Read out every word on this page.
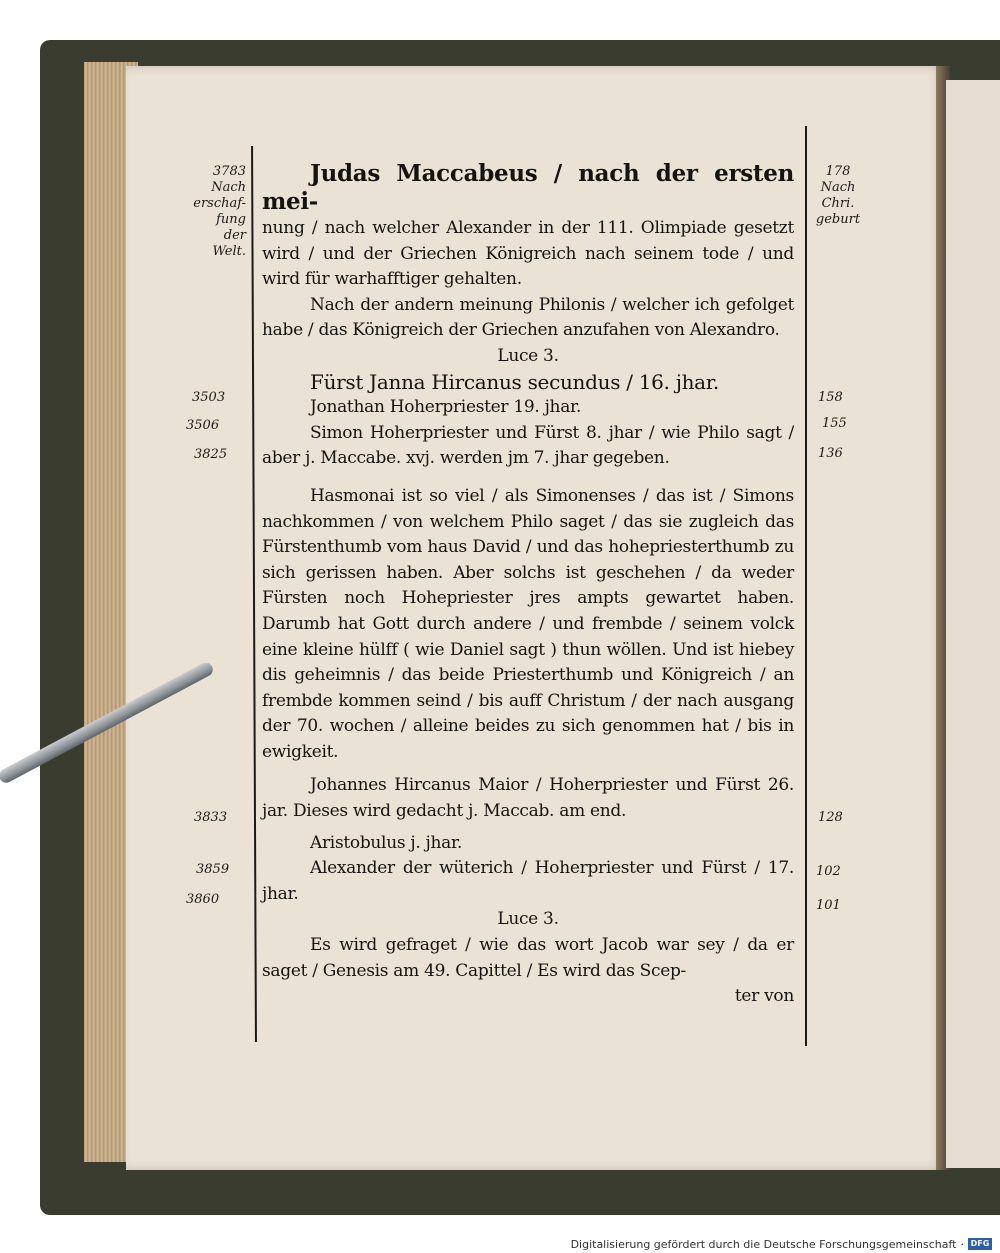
3783
Nach
erschaf-
fung
der
Welt.
178
Nach
Chri.
geburt
3503
3506
3825
3833
3859
3860
158
155
136
128
102
101

Judas Maccabeus / nach der ersten mei-

nung / nach welcher Alexander in der 111. Olimpiade gesetzt wird / und der Griechen Königreich nach seinem tode / und wird für warhafftiger gehalten.

Nach der andern meinung Philonis / welcher ich gefolget habe / das Königreich der Griechen anzufahen von Alexandro.

Luce 3.

Fürst Janna Hircanus secundus / 16. jhar.

Jonathan Hoherpriester 19. jhar.

Simon Hoherpriester und Fürst 8. jhar / wie Philo sagt / aber j. Maccabe. xvj. werden jm 7. jhar gegeben.

Hasmonai ist so viel / als Simonenses / das ist / Simons nachkommen / von welchem Philo saget / das sie zugleich das Fürstenthumb vom haus David / und das hohepriesterthumb zu sich gerissen haben. Aber solchs ist geschehen / da weder Fürsten noch Hohepriester jres ampts gewartet haben. Darumb hat Gott durch andere / und frembde / seinem volck eine kleine hülff ( wie Daniel sagt ) thun wöllen. Und ist hiebey dis geheimnis / das beide Priesterthumb und Königreich / an frembde kommen seind / bis auff Christum / der nach ausgang der 70. wochen / alleine beides zu sich genommen hat / bis in ewigkeit.

Johannes Hircanus Maior / Hoherpriester und Fürst 26. jar. Dieses wird gedacht j. Maccab. am end.

Aristobulus j. jhar.

Alexander der wüterich / Hoherpriester und Fürst / 17. jhar.

Luce 3.

Es wird gefraget / wie das wort Jacob war sey / da er saget / Genesis am 49. Capittel / Es wird das Scep-

ter von

Digitalisierung gefördert durch die Deutsche Forschungsgemeinschaft · DFG
